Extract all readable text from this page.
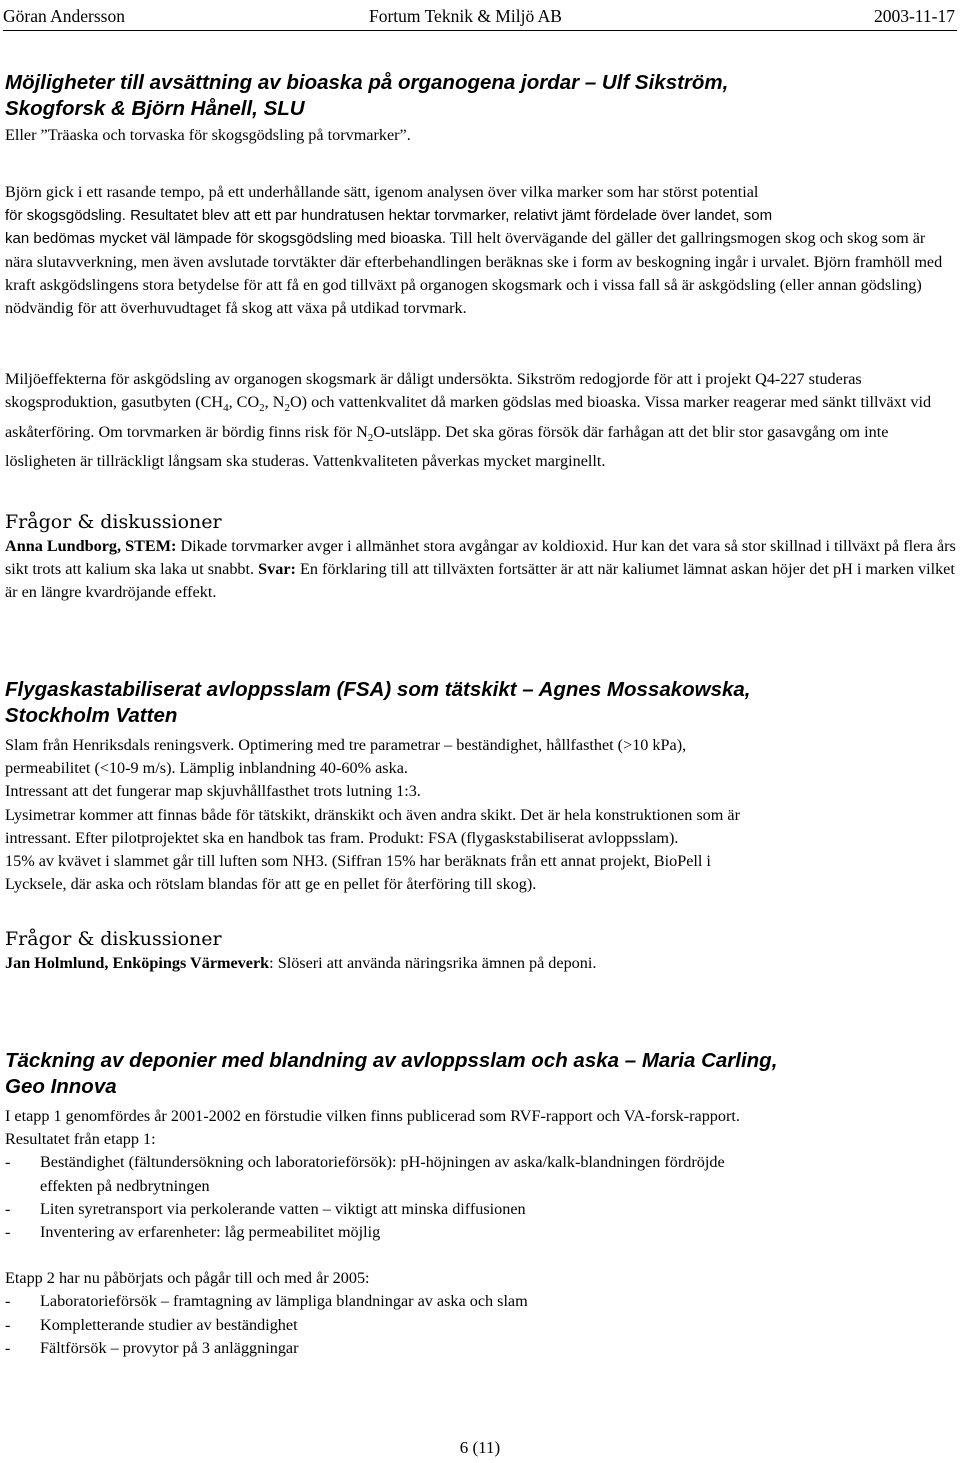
Göran Andersson	Fortum Teknik & Miljö AB	2003-11-17
Möjligheter till avsättning av bioaska på organogena jordar – Ulf Sikström,
Skogforsk & Björn Hånell, SLU

Eller ”Träaska och torvaska för skogsgödsling på torvmarker”.

Björn gick i ett rasande tempo, på ett underhållande sätt, igenom analysen över vilka marker som har störst potential
för skogsgödsling. Resultatet blev att ett par hundratusen hektar torvmarker, relativt jämt fördelade över landet, som
kan bedömas mycket väl lämpade för skogsgödsling med bioaska. Till helt övervägande del gäller det gallringsmogen skog och skog som är nära slutavverkning, men även avslutade torvtäkter där efterbehandlingen beräknas ske i form av beskogning ingår i urvalet. Björn framhöll med kraft askgödslingens stora betydelse för att få en god tillväxt på organogen skogsmark och i vissa fall så är askgödsling (eller annan gödsling) nödvändig för att överhuvudtaget få skog att växa på utdikad torvmark.

Miljöeffekterna för askgödsling av organogen skogsmark är dåligt undersökta. Sikström redogjorde för att i projekt Q4-227 studeras skogsproduktion, gasutbyten ($CH_4$, $CO_2$, $N_2O$) och vattenkvalitet då marken gödslas med bioaska. Vissa marker reagerar med sänkt tillväxt vid askåterföring. Om torvmarken är bördig finns risk för $N_2O$-utsläpp. Det ska göras försök där farhågan att det blir stor gasavgång om inte lösligheten är tillräckligt långsam ska studeras. Vattenkvaliteten påverkas mycket marginellt.

Frågor & diskussioner

Anna Lundborg, STEM: Dikade torvmarker avger i allmänhet stora avgångar av koldioxid. Hur kan det vara så stor skillnad i tillväxt på flera års sikt trots att kalium ska laka ut snabbt. Svar: En förklaring till att tillväxten fortsätter är att när kaliumet lämnat askan höjer det pH i marken vilket är en längre kvardröjande effekt.

Flygaskastabiliserat avloppsslam (FSA) som tätskikt – Agnes Mossakowska,
Stockholm Vatten

Slam från Henriksdals reningsverk. Optimering med tre parametrar – beständighet, hållfasthet (>10 kPa),
permeabilitet (<10-9 m/s). Lämplig inblandning 40-60% aska.
Intressant att det fungerar map skjuvhållfasthet trots lutning 1:3.
Lysimetrar kommer att finnas både för tätskikt, dränskikt och även andra skikt. Det är hela konstruktionen som är
intressant. Efter pilotprojektet ska en handbok tas fram. Produkt: FSA (flygaskstabiliserat avloppsslam).
15% av kvävet i slammet går till luften som NH3. (Siffran 15% har beräknats från ett annat projekt, BioPell i
Lycksele, där aska och rötslam blandas för att ge en pellet för återföring till skog).

Frågor & diskussioner

Jan Holmlund, Enköpings Värmeverk: Slöseri att använda näringsrika ämnen på deponi.

Täckning av deponier med blandning av avloppsslam och aska – Maria Carling,
Geo Innova

I etapp 1 genomfördes år 2001-2002 en förstudie vilken finns publicerad som RVF-rapport och VA-forsk-rapport.
Resultatet från etapp 1:

-	Beständighet (fältundersökning och laboratorieförsök): pH-höjningen av aska/kalk-blandningen fördröjde
effekten på nedbrytningen
-	Liten syretransport via perkolerande vatten – viktigt att minska diffusionen
-	Inventering av erfarenheter: låg permeabilitet möjlig

Etapp 2 har nu påbörjats och pågår till och med år 2005:

-	Laboratorieförsök – framtagning av lämpliga blandningar av aska och slam
-	Kompletterande studier av beständighet
-	Fältförsök – provytor på 3 anläggningar
6 (11)
